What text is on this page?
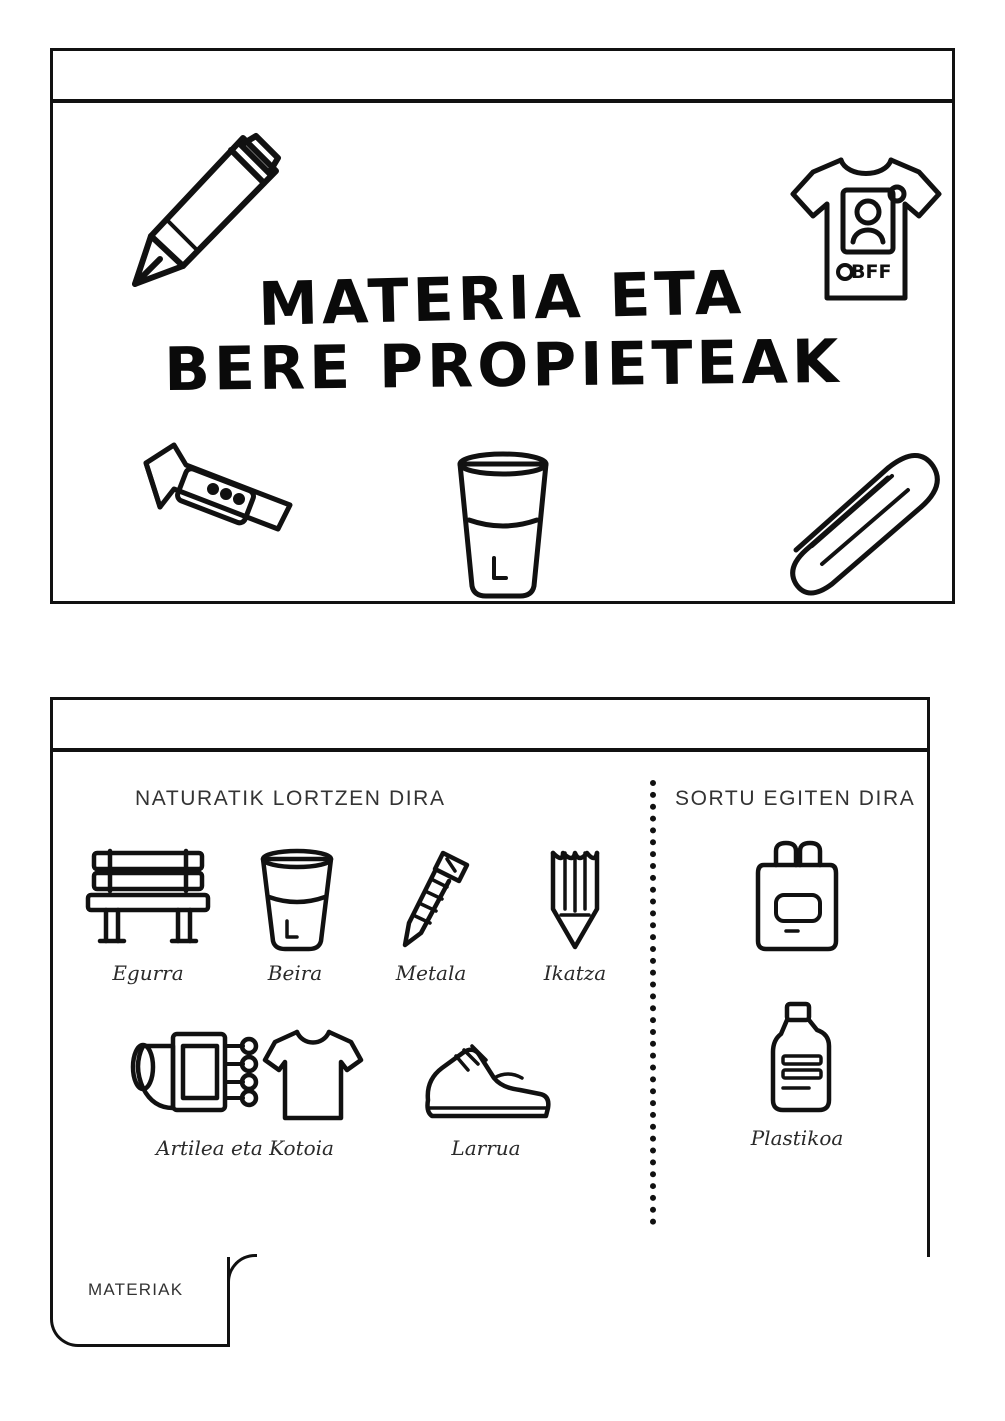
BFF
MATERIA ETA
BERE PROPIETEAK
NATURATIK LORTZEN DIRA	SORTU EGITEN DIRA
Egurra	Beira	Metala	Ikatza
Artilea eta Kotoia	Larrua	Plastikoa
MATERIAK
